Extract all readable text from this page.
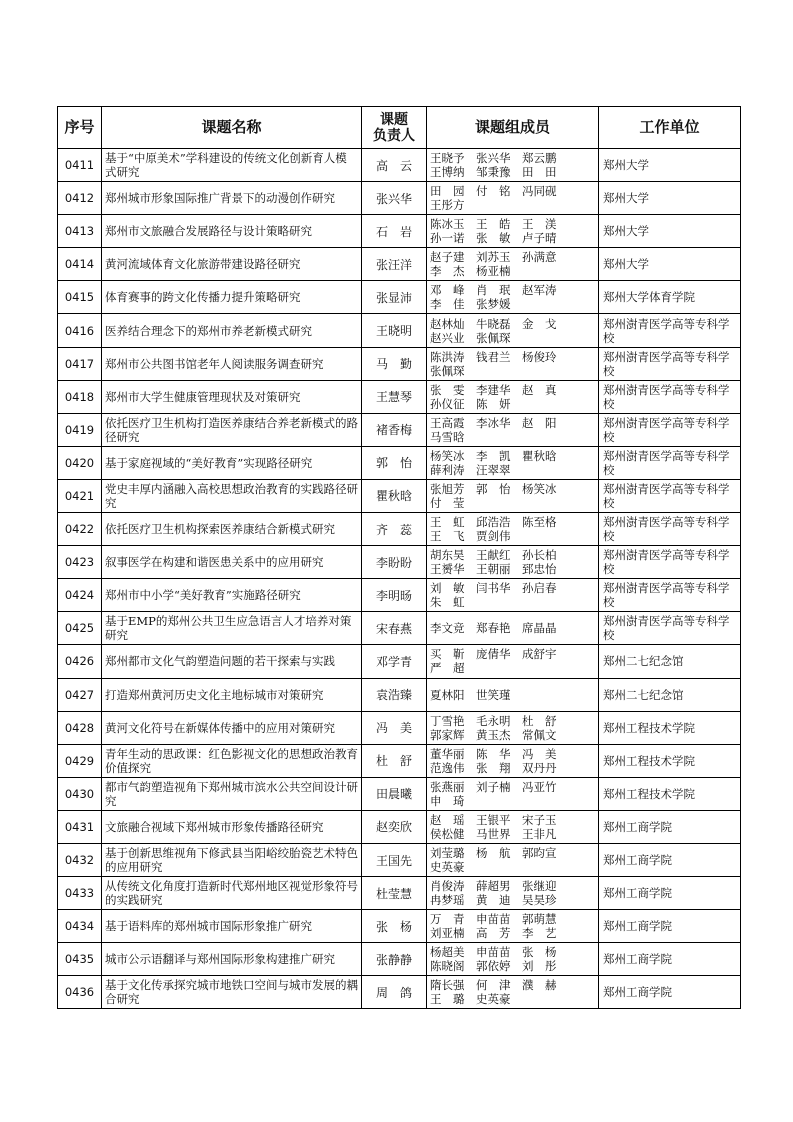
序号	课题名称	课题
负责人	课题组成员	工作单位
0411	基于“中原美术”学科建设的传统文化创新育人模式研究	高　云	王晓予　张兴华　郑云鹏
王博纳　邹秉豫　田　田	郑州大学
0412	郑州城市形象国际推广背景下的动漫创作研究	张兴华	田　园　付　铭　冯同砚
王彤方	郑州大学
0413	郑州市文旅融合发展路径与设计策略研究	石　岩	陈冰玉　王　皓　王　渼
孙一诺　张　敏　卢子晴	郑州大学
0414	黄河流域体育文化旅游带建设路径研究	张汪洋	赵子建　刘苏玉　孙满意
李　杰　杨亚楠	郑州大学
0415	体育赛事的跨文化传播力提升策略研究	张显沛	邓　峰　肖　珉　赵军涛
李　佳　张梦媛	郑州大学体育学院
0416	医养结合理念下的郑州市养老新模式研究	王晓明	赵林灿　牛晓磊　金　戈
赵兴业　张佩琛	郑州澍青医学高等专科学校
0417	郑州市公共图书馆老年人阅读服务调查研究	马　勤	陈洪涛　钱君兰　杨俊玲
张佩琛	郑州澍青医学高等专科学校
0418	郑州市大学生健康管理现状及对策研究	王慧琴	张　雯　李建华　赵　真
孙仪征　陈　妍	郑州澍青医学高等专科学校
0419	依托医疗卫生机构打造医养康结合养老新模式的路径研究	褚香梅	王高霞　李冰华　赵　阳
马雪晗	郑州澍青医学高等专科学校
0420	基于家庭视域的“美好教育”实现路径研究	郭　怡	杨笑冰　李　凯　瞿秋晗
薛利涛　汪翠翠	郑州澍青医学高等专科学校
0421	党史丰厚内涵融入高校思想政治教育的实践路径研究	瞿秋晗	张旭芳　郭　怡　杨笑冰
付　莹	郑州澍青医学高等专科学校
0422	依托医疗卫生机构探索医养康结合新模式研究	齐　蕊	王　虹　邱浩浩　陈至格
王　飞　贾剑伟	郑州澍青医学高等专科学校
0423	叙事医学在构建和谐医患关系中的应用研究	李盼盼	胡东昊　王献红　孙长柏
王赟华　王朝丽　郅忠怡	郑州澍青医学高等专科学校
0424	郑州市中小学“美好教育”实施路径研究	李明旸	刘　敏　闫书华　孙启春
朱　虹	郑州澍青医学高等专科学校
0425	基于EMP的郑州公共卫生应急语言人才培养对策研究	宋春燕	李文竞　郑春艳　席晶晶	郑州澍青医学高等专科学校
0426	郑州都市文化气韵塑造问题的若干探索与实践	邓学青	买　靳　庞倩华　成舒宇
严　超	郑州二七纪念馆
0427	打造郑州黄河历史文化主地标城市对策研究	袁浩臻	夏林阳　世笑瑾	郑州二七纪念馆
0428	黄河文化符号在新媒体传播中的应用对策研究	冯　美	丁雪艳　毛永明　杜　舒
郭家辉　黄玉杰　常佩文	郑州工程技术学院
0429	青年生动的思政课：红色影视文化的思想政治教育价值探究	杜　舒	董华丽　陈　华　冯　美
范逸伟　张　翔　双丹丹	郑州工程技术学院
0430	都市气韵塑造视角下郑州城市滨水公共空间设计研究	田晨曦	张燕丽　刘子楠　冯亚竹
申　琦	郑州工程技术学院
0431	文旅融合视域下郑州城市形象传播路径研究	赵奕欣	赵　瑶　王银平　宋子玉
侯松健　马世界　王非凡	郑州工商学院
0432	基于创新思维视角下修武县当阳峪绞胎瓷艺术特色的应用研究	王国先	刘莹璐　杨　航　郭昀宣
史英豪	郑州工商学院
0433	从传统文化角度打造新时代郑州地区视觉形象符号的实践研究	杜莹慧	肖俊涛　薛超男　张继迎
冉梦瑶　黄　迪　吴昊珍	郑州工商学院
0434	基于语料库的郑州城市国际形象推广研究	张　杨	万　青　申苗苗　郭萌慧
刘亚楠　高　芳　李　艺	郑州工商学院
0435	城市公示语翻译与郑州国际形象构建推广研究	张静静	杨超美　申苗苗　张　杨
陈晓阁　郭依婷　刘　彤	郑州工商学院
0436	基于文化传承探究城市地铁口空间与城市发展的耦合研究	周　鸽	隋长强　何　津　濮　赫
王　璐　史英豪	郑州工商学院
